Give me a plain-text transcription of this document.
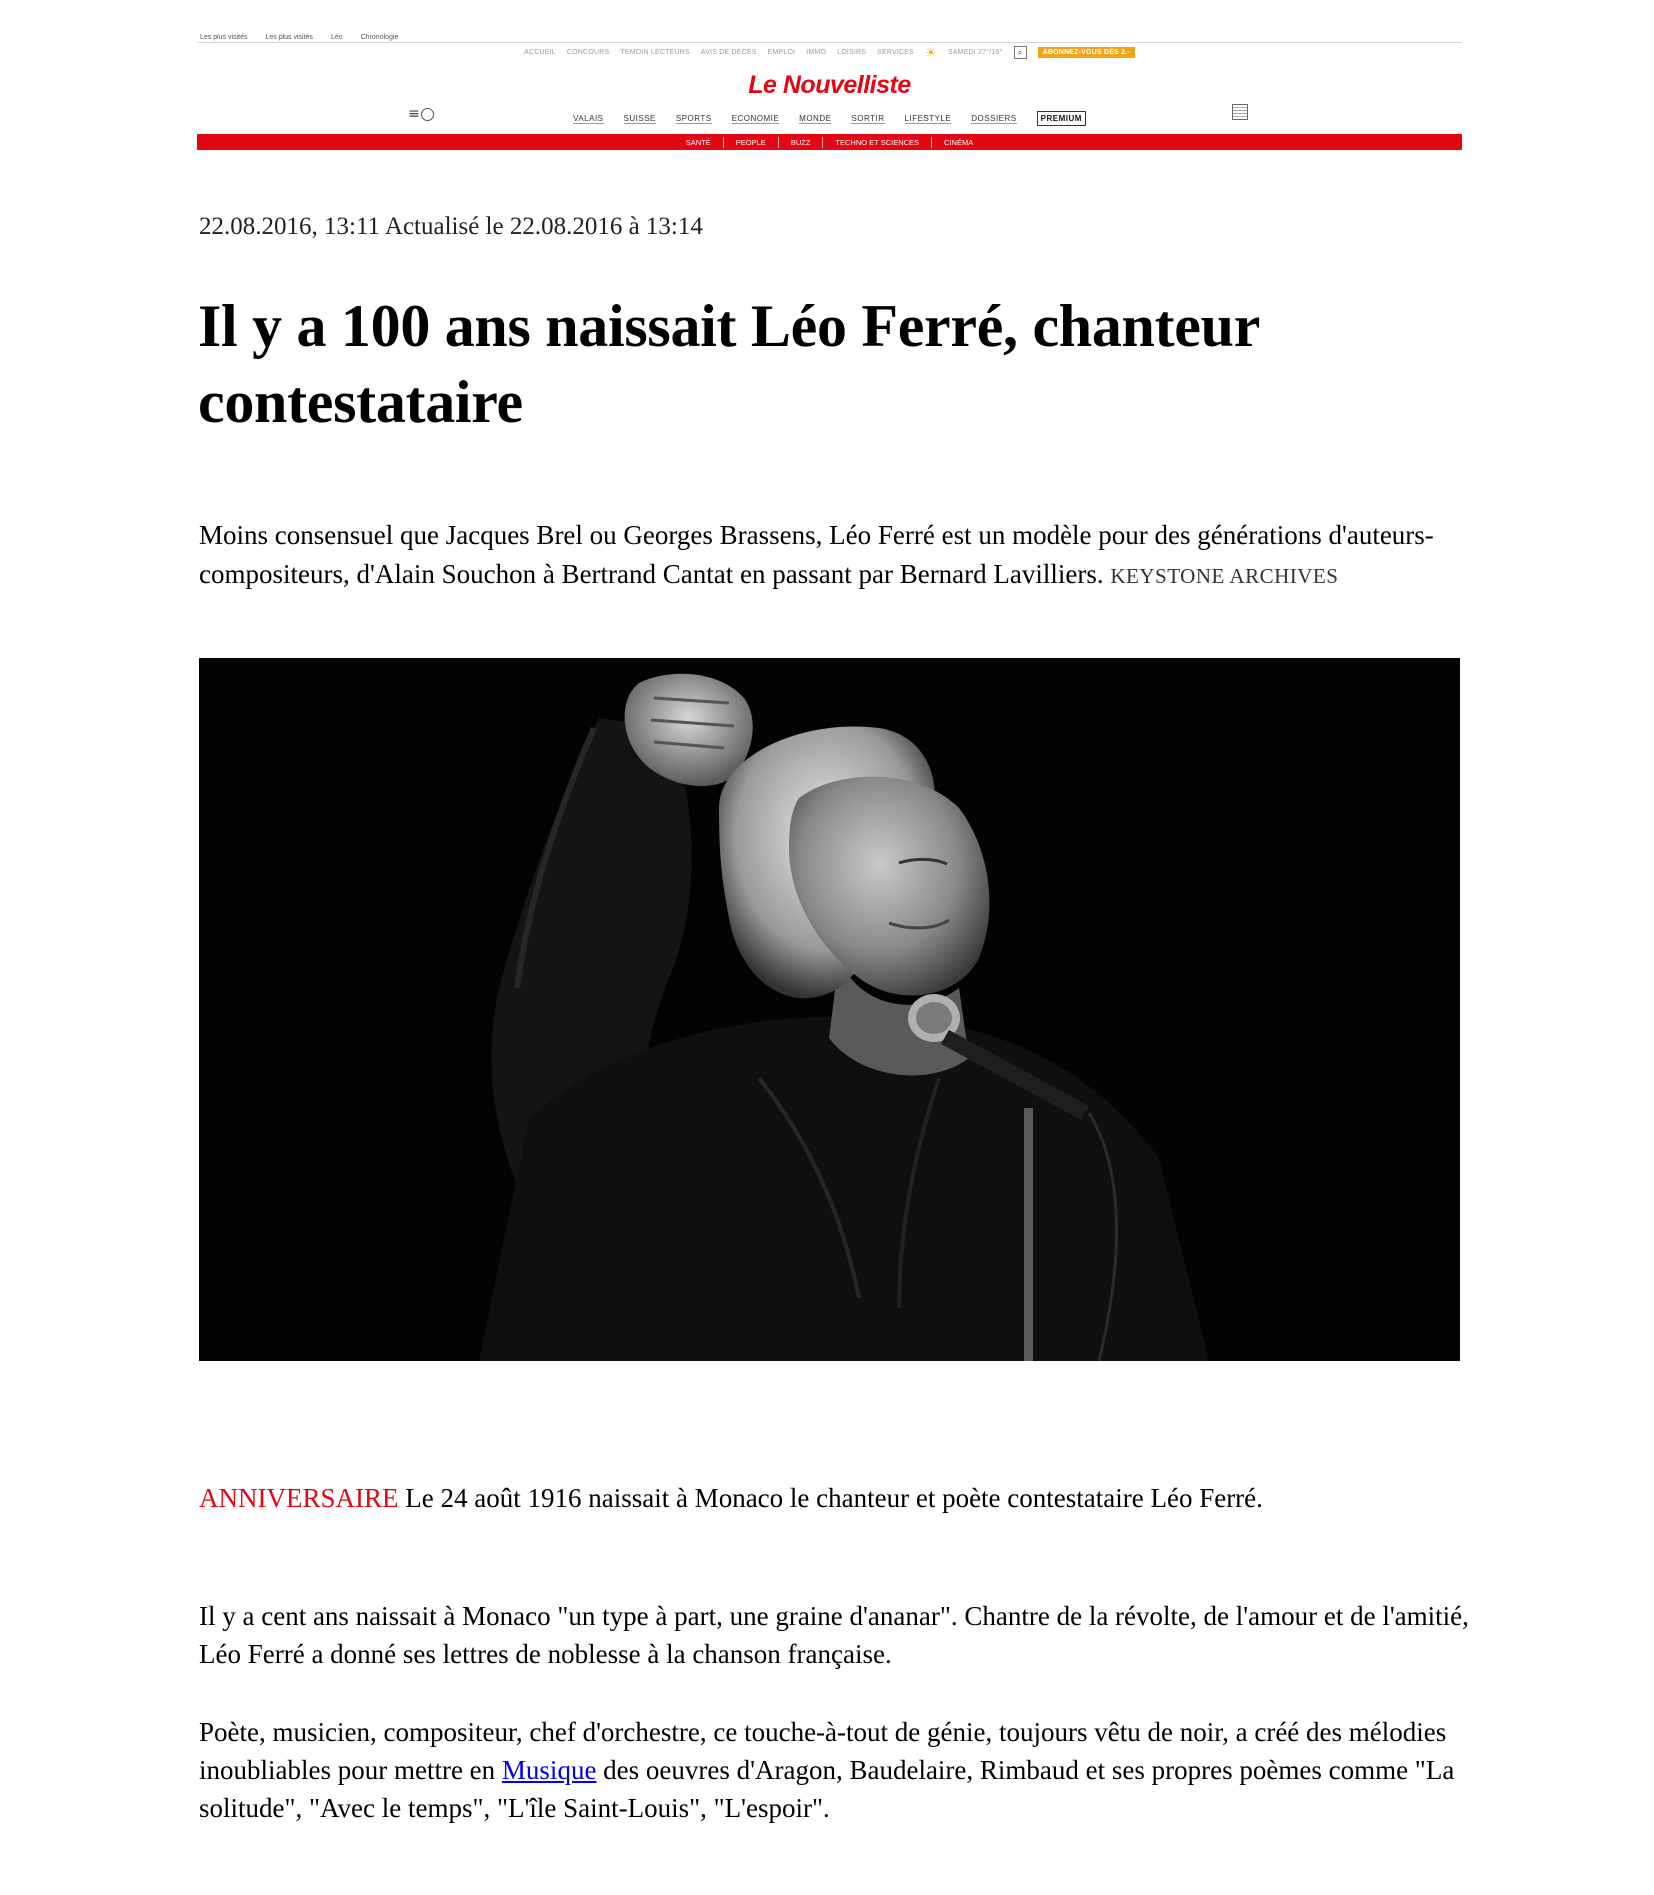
Les plus visités	Les plus visités	Léo	Chronologie
ACCUEIL CONCOURS TEMOIN LECTEURS AVIS DE DECES EMPLOI IMMO LOISIRS SERVICES ☀ SAMEDI 27°/16°	⌕	ABONNEZ-VOUS DÈS 2.-
Le Nouvelliste
≡	VALAIS	SUISSE	SPORTS	ECONOMIE	MONDE	SORTIR	LIFESTYLE	DOSSIERS	PREMIUM
SANTÉ	PEOPLE	BUZZ	TECHNO ET SCIENCES	CINÉMA
22.08.2016, 13:11 Actualisé le 22.08.2016 à 13:14
Il y a 100 ans naissait Léo Ferré, chanteur contestataire

Moins consensuel que Jacques Brel ou Georges Brassens, Léo Ferré est un modèle pour des générations d'auteurs-compositeurs, d'Alain Souchon à Bertrand Cantat en passant par Bernard Lavilliers. KEYSTONE ARCHIVES

ANNIVERSAIRE Le 24 août 1916 naissait à Monaco le chanteur et poète contestataire Léo Ferré.

Il y a cent ans naissait à Monaco "un type à part, une graine d'ananar". Chantre de la révolte, de l'amour et de l'amitié, Léo Ferré a donné ses lettres de noblesse à la chanson française.

Poète, musicien, compositeur, chef d'orchestre, ce touche-à-tout de génie, toujours vêtu de noir, a créé des mélodies inoubliables pour mettre en Musique des oeuvres d'Aragon, Baudelaire, Rimbaud et ses propres poèmes comme "La solitude", "Avec le temps", "L'île Saint-Louis", "L'espoir".
